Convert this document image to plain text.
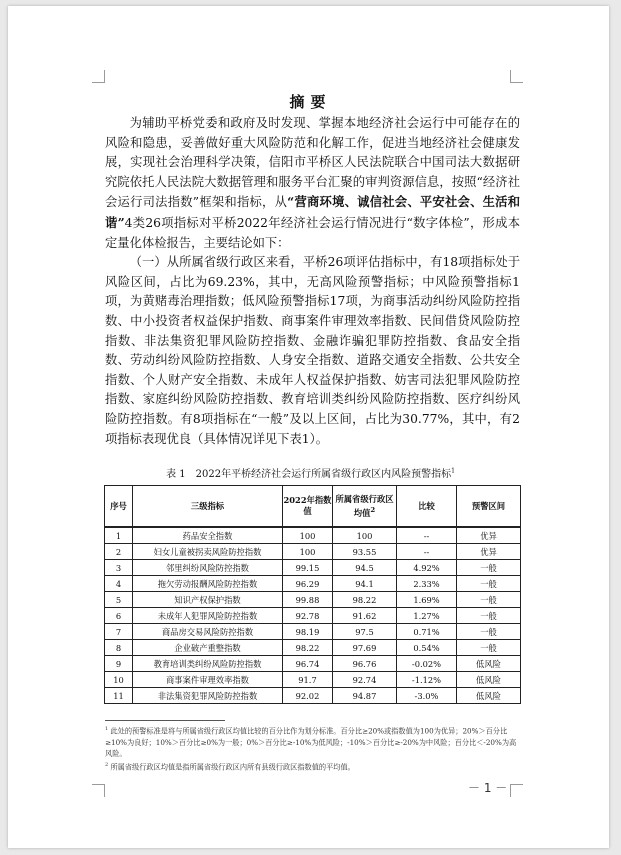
摘要

为辅助平桥党委和政府及时发现、掌握本地经济社会运行中可能存在的风险和隐患，妥善做好重大风险防范和化解工作，促进当地经济社会健康发展，实现社会治理科学决策，信阳市平桥区人民法院联合中国司法大数据研究院依托人民法院大数据管理和服务平台汇聚的审判资源信息，按照“经济社会运行司法指数”框架和指标，从“营商环境、诚信社会、平安社会、生活和谐”4类26项指标对平桥2022年经济社会运行情况进行“数字体检”，形成本定量化体检报告，主要结论如下：

（一）从所属省级行政区来看，平桥26项评估指标中，有18项指标处于风险区间，占比为69.23%，其中，无高风险预警指标；中风险预警指标1项，为黄赌毒治理指数；低风险预警指标17项，为商事活动纠纷风险防控指数、中小投资者权益保护指数、商事案件审理效率指数、民间借贷风险防控指数、非法集资犯罪风险防控指数、金融诈骗犯罪防控指数、食品安全指数、劳动纠纷风险防控指数、人身安全指数、道路交通安全指数、公共安全指数、个人财产安全指数、未成年人权益保护指数、妨害司法犯罪风险防控指数、家庭纠纷风险防控指数、教育培训类纠纷风险防控指数、医疗纠纷风险防控指数。有8项指标在“一般”及以上区间，占比为30.77%，其中，有2项指标表现优良（具体情况详见下表1）。

表 1　2022年平桥经济社会运行所属省级行政区内风险预警指标$^1$
序号	三级指标	2022年指数值	所属省级行政区均值$^2$	比较	预警区间
1	药品安全指数	100	100	--	优异
2	妇女儿童被拐卖风险防控指数	100	93.55	--	优异
3	邻里纠纷风险防控指数	99.15	94.5	4.92%	一般
4	拖欠劳动报酬风险防控指数	96.29	94.1	2.33%	一般
5	知识产权保护指数	99.88	98.22	1.69%	一般
6	未成年人犯罪风险防控指数	92.78	91.62	1.27%	一般
7	商品房交易风险防控指数	98.19	97.5	0.71%	一般
8	企业破产重整指数	98.22	97.69	0.54%	一般
9	教育培训类纠纷风险防控指数	96.74	96.76	-0.02%	低风险
10	商事案件审理效率指数	91.7	92.74	-1.12%	低风险
11	非法集资犯罪风险防控指数	92.02	94.87	-3.0%	低风险

$^1$ 此处的预警标准是将与所属省级行政区均值比较的百分比作为划分标准。百分比≥20%或指数值为100为优异；20%＞百分比≥10%为良好；10%＞百分比≥0%为一般；0%＞百分比≥-10%为低风险；-10%＞百分比≥-20%为中风险；百分比＜-20%为高风险。

$^2$ 所属省级行政区均值是指所属省级行政区内所有县级行政区指数值的平均值。

－ 1 －
